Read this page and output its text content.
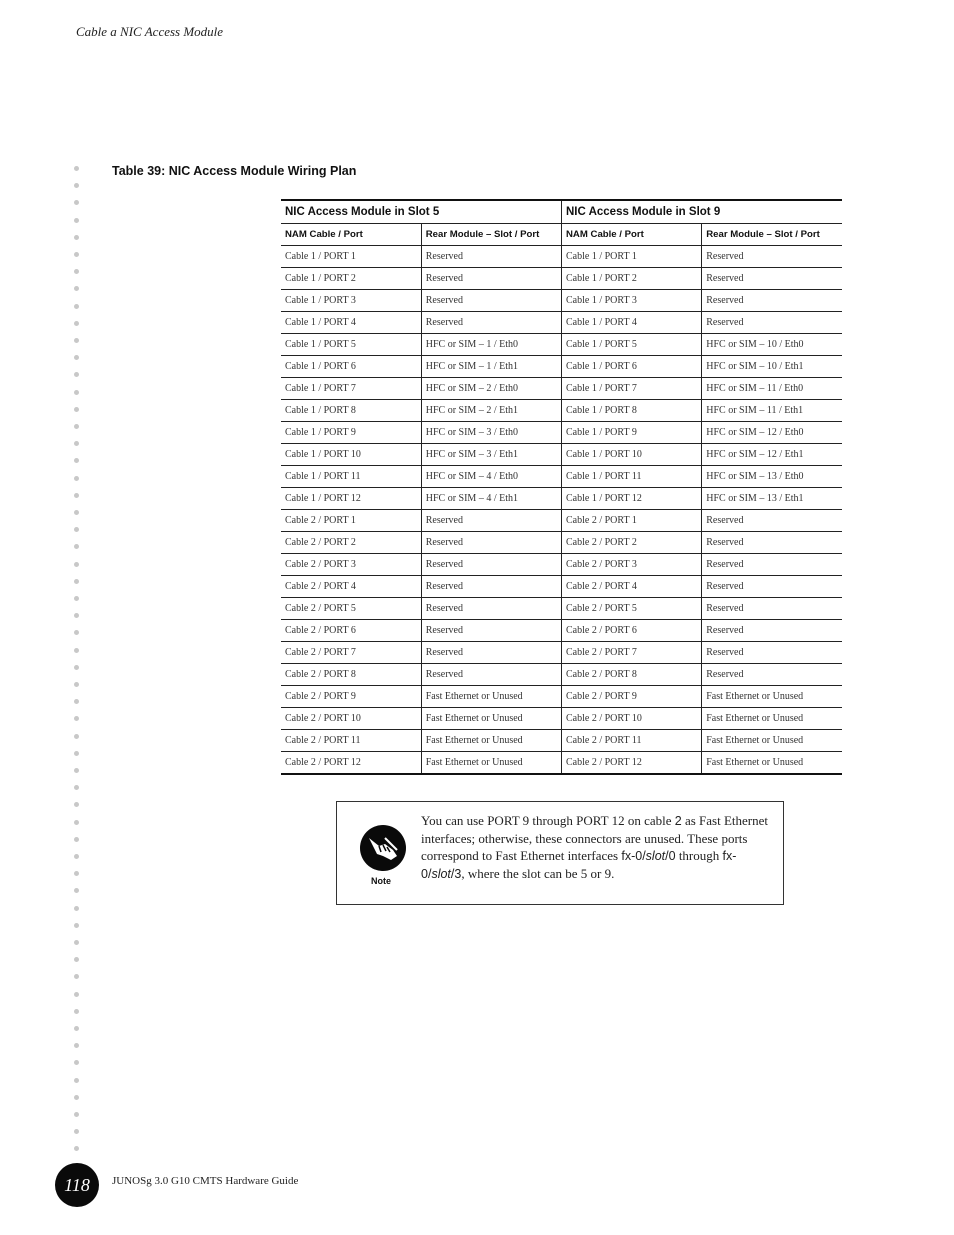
Cable a NIC Access Module
Table 39: NIC Access Module Wiring Plan
NIC Access Module in Slot 5		NIC Access Module in Slot 9	
NAM Cable / Port	Rear Module – Slot / Port	NAM Cable / Port	Rear Module – Slot / Port
Cable 1 / PORT 1	Reserved	Cable 1 / PORT 1	Reserved
Cable 1 / PORT 2	Reserved	Cable 1 / PORT 2	Reserved
Cable 1 / PORT 3	Reserved	Cable 1 / PORT 3	Reserved
Cable 1 / PORT 4	Reserved	Cable 1 / PORT 4	Reserved
Cable 1 / PORT 5	HFC or SIM – 1 / Eth0	Cable 1 / PORT 5	HFC or SIM – 10 / Eth0
Cable 1 / PORT 6	HFC or SIM – 1 / Eth1	Cable 1 / PORT 6	HFC or SIM – 10 / Eth1
Cable 1 / PORT 7	HFC or SIM – 2 / Eth0	Cable 1 / PORT 7	HFC or SIM – 11 / Eth0
Cable 1 / PORT 8	HFC or SIM – 2 / Eth1	Cable 1 / PORT 8	HFC or SIM – 11 / Eth1
Cable 1 / PORT 9	HFC or SIM – 3 / Eth0	Cable 1 / PORT 9	HFC or SIM – 12 / Eth0
Cable 1 / PORT 10	HFC or SIM – 3 / Eth1	Cable 1 / PORT 10	HFC or SIM – 12 / Eth1
Cable 1 / PORT 11	HFC or SIM – 4 / Eth0	Cable 1 / PORT 11	HFC or SIM – 13 / Eth0
Cable 1 / PORT 12	HFC or SIM – 4 / Eth1	Cable 1 / PORT 12	HFC or SIM – 13 / Eth1
Cable 2 / PORT 1	Reserved	Cable 2 / PORT 1	Reserved
Cable 2 / PORT 2	Reserved	Cable 2 / PORT 2	Reserved
Cable 2 / PORT 3	Reserved	Cable 2 / PORT 3	Reserved
Cable 2 / PORT 4	Reserved	Cable 2 / PORT 4	Reserved
Cable 2 / PORT 5	Reserved	Cable 2 / PORT 5	Reserved
Cable 2 / PORT 6	Reserved	Cable 2 / PORT 6	Reserved
Cable 2 / PORT 7	Reserved	Cable 2 / PORT 7	Reserved
Cable 2 / PORT 8	Reserved	Cable 2 / PORT 8	Reserved
Cable 2 / PORT 9	Fast Ethernet or Unused	Cable 2 / PORT 9	Fast Ethernet or Unused
Cable 2 / PORT 10	Fast Ethernet or Unused	Cable 2 / PORT 10	Fast Ethernet or Unused
Cable 2 / PORT 11	Fast Ethernet or Unused	Cable 2 / PORT 11	Fast Ethernet or Unused
Cable 2 / PORT 12	Fast Ethernet or Unused	Cable 2 / PORT 12	Fast Ethernet or Unused
Note
You can use PORT 9 through PORT 12 on cable 2 as Fast Ethernet interfaces; otherwise, these connectors are unused. These ports correspond to Fast Ethernet interfaces fx-0/slot/0 through fx-0/slot/3, where the slot can be 5 or 9.
118	JUNOSg 3.0 G10 CMTS Hardware Guide
